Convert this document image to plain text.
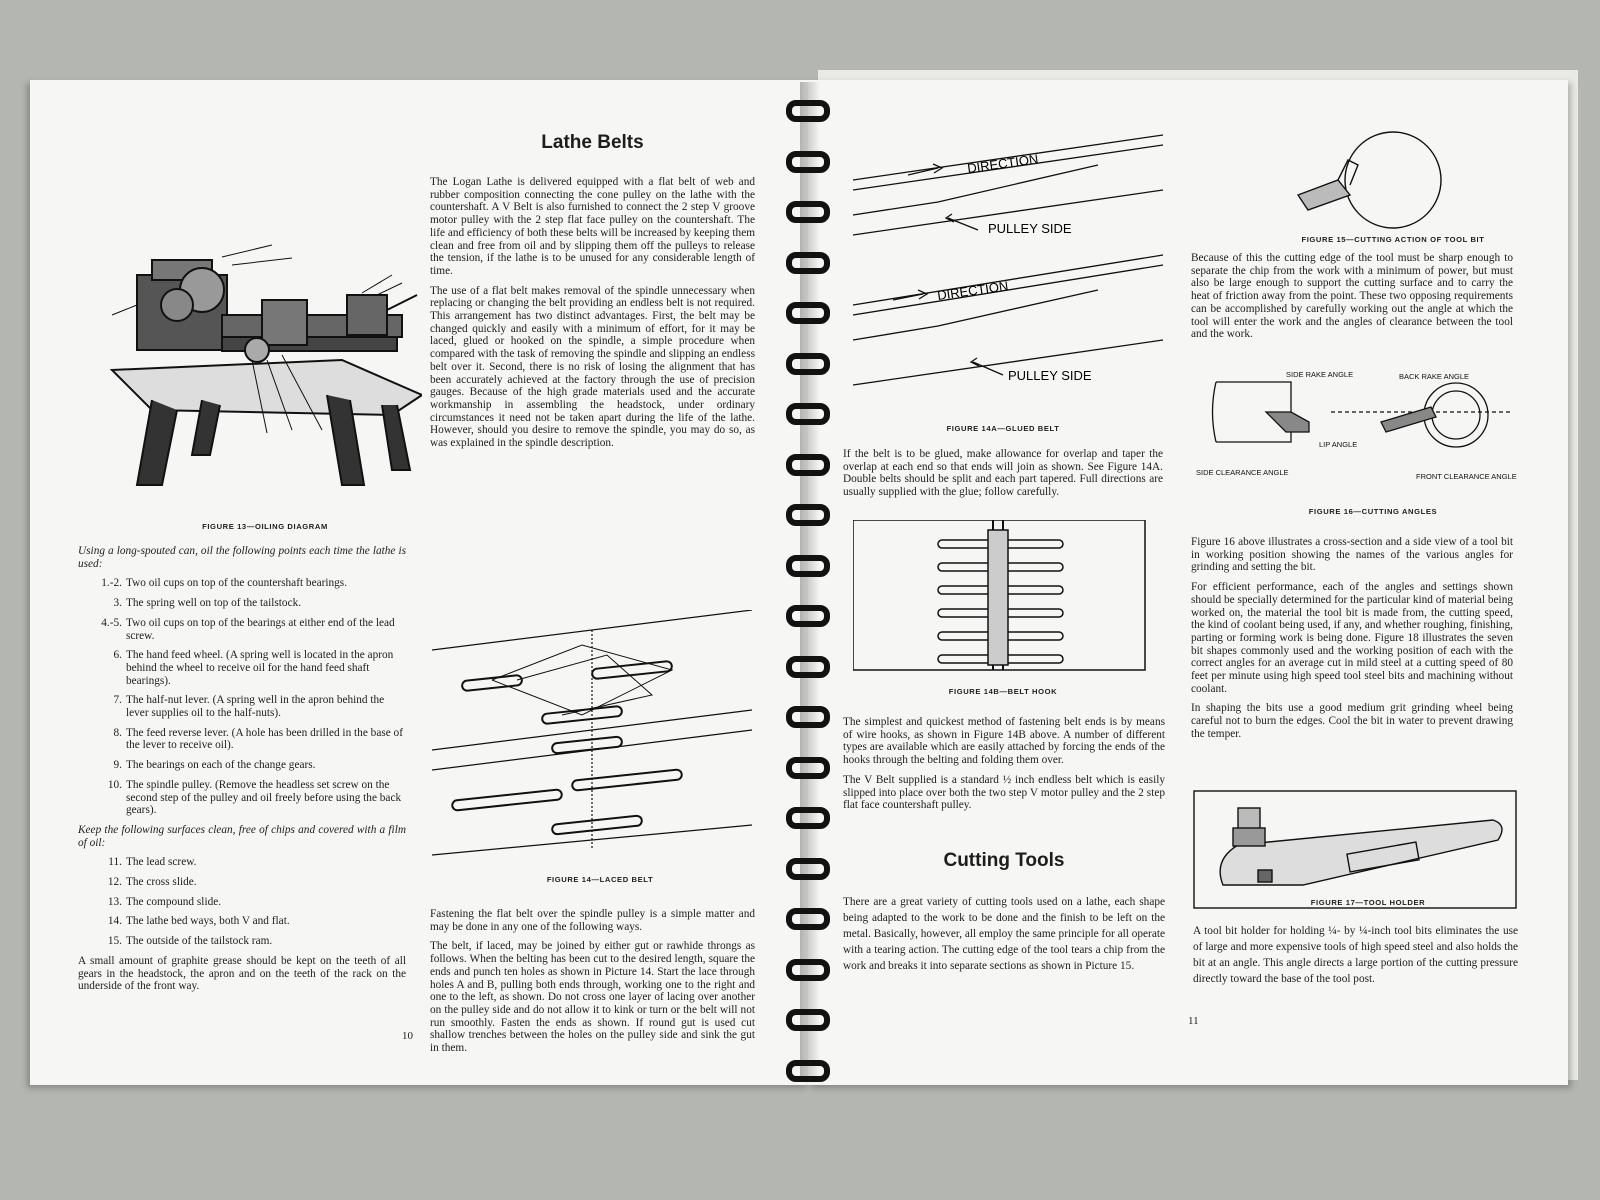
FIGURE 13—OILING DIAGRAM

Using a long-spouted can, oil the following points each time the lathe is used:

1.-2. Two oil cups on top of the countershaft bearings.
3. The spring well on top of the tailstock.
4.-5. Two oil cups on top of the bearings at either end of the lead screw.
6. The hand feed wheel. (A spring well is located in the apron behind the wheel to receive oil for the hand feed shaft bearings).
7. The half-nut lever. (A spring well in the apron behind the lever supplies oil to the half-nuts).
8. The feed reverse lever. (A hole has been drilled in the base of the lever to receive oil).
9. The bearings on each of the change gears.
10. The spindle pulley. (Remove the headless set screw on the second step of the pulley and oil freely before using the back gears).

Keep the following surfaces clean, free of chips and covered with a film of oil:

11. The lead screw.
12. The cross slide.
13. The compound slide.
14. The lathe bed ways, both V and flat.
15. The outside of the tailstock ram.

A small amount of graphite grease should be kept on the teeth of all gears in the headstock, the apron and on the teeth of the rack on the underside of the front way.

Lathe Belts

The Logan Lathe is delivered equipped with a flat belt of web and rubber composition connecting the cone pulley on the lathe with the countershaft. A V Belt is also furnished to connect the 2 step V groove motor pulley with the 2 step flat face pulley on the countershaft. The life and efficiency of both these belts will be increased by keeping them clean and free from oil and by slipping them off the pulleys to release the tension, if the lathe is to be unused for any considerable length of time.

The use of a flat belt makes removal of the spindle unnecessary when replacing or changing the belt providing an endless belt is not required. This arrangement has two distinct advantages. First, the belt may be changed quickly and easily with a minimum of effort, for it may be laced, glued or hooked on the spindle, a simple procedure when compared with the task of removing the spindle and slipping an endless belt over it. Second, there is no risk of losing the alignment that has been accurately achieved at the factory through the use of precision gauges. Because of the high grade materials used and the accurate workmanship in assembling the headstock, under ordinary circumstances it need not be taken apart during the life of the lathe. However, should you desire to remove the spindle, you may do so, as was explained in the spindle description.

FIGURE 14—LACED BELT

Fastening the flat belt over the spindle pulley is a simple matter and may be done in any one of the following ways.

The belt, if laced, may be joined by either gut or rawhide throngs as follows. When the belting has been cut to the desired length, square the ends and punch ten holes as shown in Picture 14. Start the lace through holes A and B, pulling both ends through, working one to the right and one to the left, as shown. Do not cross one layer of lacing over another on the pulley side and do not allow it to kink or turn or the belt will not run smoothly. Fasten the ends as shown. If round gut is used cut shallow trenches between the holes on the pulley side and sink the gut in them.

10
DIRECTION
PULLEY SIDE
DIRECTION
PULLEY SIDE
FIGURE 14A—GLUED BELT

If the belt is to be glued, make allowance for overlap and taper the overlap at each end so that ends will join as shown. See Figure 14A. Double belts should be split and each part tapered. Full directions are usually supplied with the glue; follow carefully.

FIGURE 14B—BELT HOOK

The simplest and quickest method of fastening belt ends is by means of wire hooks, as shown in Figure 14B above. A number of different types are available which are easily attached by forcing the ends of the hooks through the belting and folding them over.

The V Belt supplied is a standard ½ inch endless belt which is easily slipped into place over both the two step V motor pulley and the 2 step flat face countershaft pulley.

Cutting Tools

There are a great variety of cutting tools used on a lathe, each shape being adapted to the work to be done and the finish to be left on the metal. Basically, however, all employ the same principle for all operate with a tearing action. The cutting edge of the tool tears a chip from the work and breaks it into separate sections as shown in Picture 15.

11
FIGURE 15—CUTTING ACTION OF TOOL BIT

Because of this the cutting edge of the tool must be sharp enough to separate the chip from the work with a minimum of power, but must also be large enough to support the cutting surface and to carry the heat of friction away from the point. These two opposing requirements can be accomplished by carefully working out the angle at which the tool will enter the work and the angles of clearance between the tool and the work.

SIDE RAKE ANGLE	BACK RAKE ANGLE
LIP ANGLE
SIDE CLEARANCE ANGLE	FRONT CLEARANCE ANGLE
FIGURE 16—CUTTING ANGLES

Figure 16 above illustrates a cross-section and a side view of a tool bit in working position showing the names of the various angles for grinding and setting the bit.

For efficient performance, each of the angles and settings shown should be specially determined for the particular kind of material being worked on, the material the tool bit is made from, the cutting speed, the kind of coolant being used, if any, and whether roughing, finishing, parting or forming work is being done. Figure 18 illustrates the seven bit shapes commonly used and the working position of each with the correct angles for an average cut in mild steel at a cutting speed of 80 feet per minute using high speed tool steel bits and machining without coolant.

In shaping the bits use a good medium grit grinding wheel being careful not to burn the edges. Cool the bit in water to prevent drawing the temper.

FIGURE 17—TOOL HOLDER

A tool bit holder for holding ¼- by ¼-inch tool bits eliminates the use of large and more expensive tools of high speed steel and also holds the bit at an angle. This angle directs a large portion of the cutting pressure directly toward the base of the tool post.
